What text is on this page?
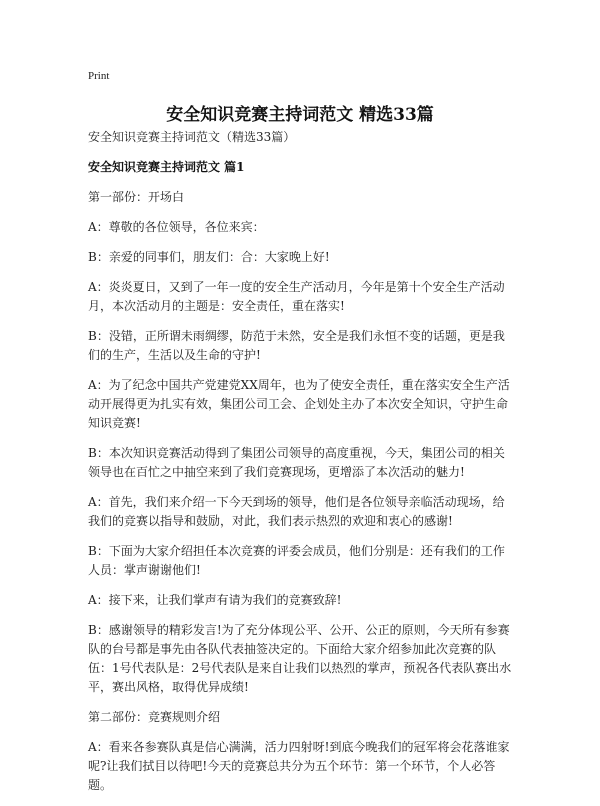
Print
安全知识竞赛主持词范文 精选33篇

安全知识竞赛主持词范文（精选33篇）

安全知识竞赛主持词范文 篇1

第一部份：开场白

A：尊敬的各位领导，各位来宾：

B：亲爱的同事们，朋友们：合：大家晚上好!

A：炎炎夏日，又到了一年一度的安全生产活动月，今年是第十个安全生产活动月，本次活动月的主题是：安全责任，重在落实!

B：没错，正所谓未雨绸缪，防范于未然，安全是我们永恒不变的话题，更是我们的生产，生活以及生命的守护!

A：为了纪念中国共产党建党XX周年，也为了使安全责任，重在落实安全生产活动开展得更为扎实有效，集团公司工会、企划处主办了本次安全知识，守护生命知识竞赛!

B：本次知识竞赛活动得到了集团公司领导的高度重视，今天，集团公司的相关领导也在百忙之中抽空来到了我们竞赛现场，更增添了本次活动的魅力!

A：首先，我们来介绍一下今天到场的领导，他们是各位领导亲临活动现场，给我们的竞赛以指导和鼓励，对此，我们表示热烈的欢迎和衷心的感谢!

B：下面为大家介绍担任本次竞赛的评委会成员，他们分别是：还有我们的工作人员：掌声谢谢他们!

A：接下来，让我们掌声有请为我们的竞赛致辞!

B：感谢领导的精彩发言!为了充分体现公平、公开、公正的原则，今天所有参赛队的台号都是事先由各队代表抽签决定的。下面给大家介绍参加此次竞赛的队伍：1号代表队是：2号代表队是来自让我们以热烈的掌声，预祝各代表队赛出水平，赛出风格，取得优异成绩!

第二部份：竞赛规则介绍

A：看来各参赛队真是信心满满，活力四射呀!到底今晚我们的冠军将会花落谁家呢?让我们拭目以待吧!今天的竞赛总共分为五个环节：第一个环节，个人必答题。
